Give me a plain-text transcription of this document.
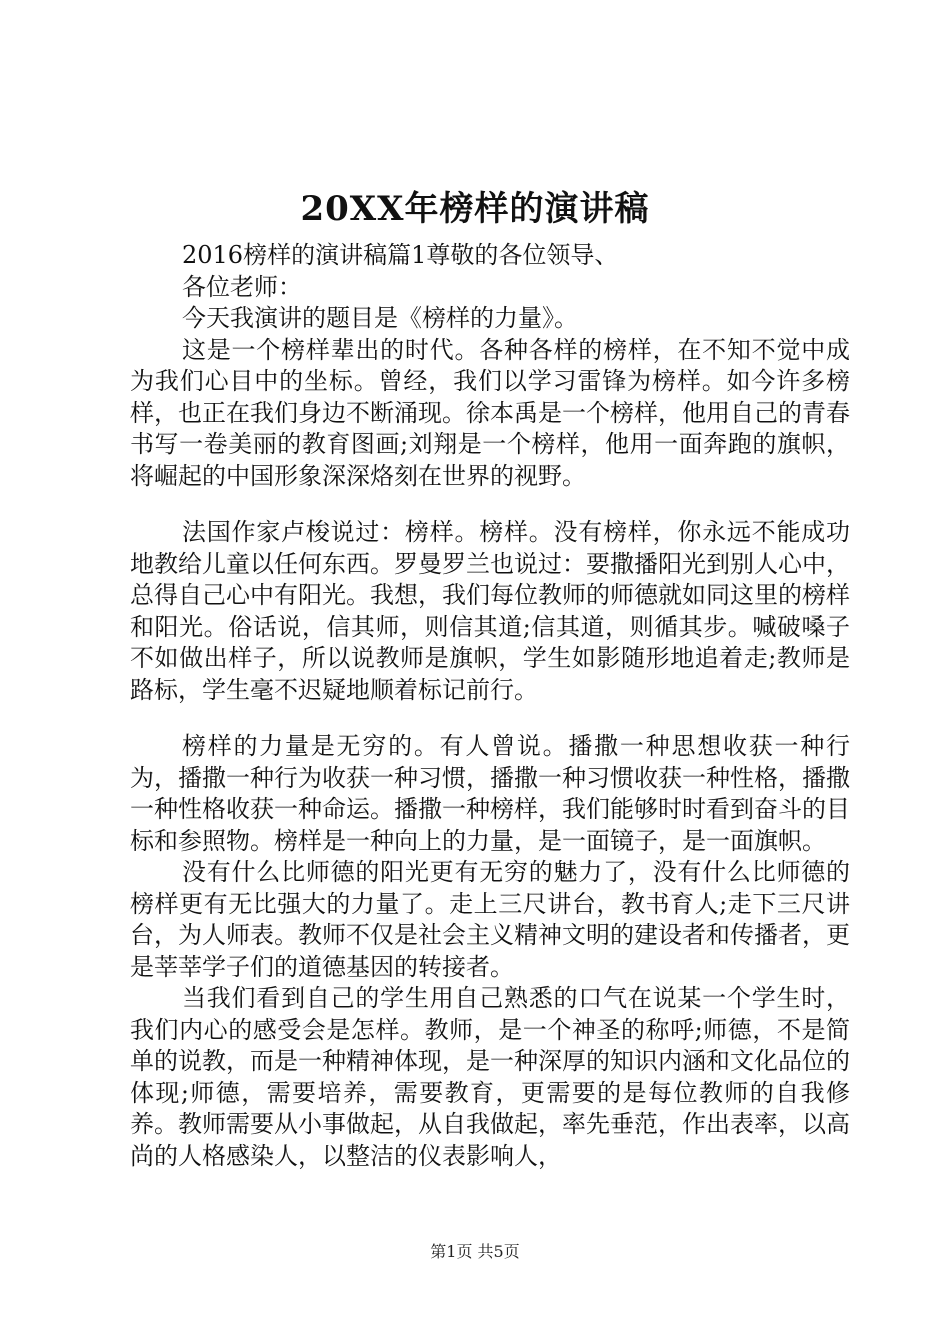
20XX年榜样的演讲稿

2016榜样的演讲稿篇1尊敬的各位领导、

各位老师：

今天我演讲的题目是《榜样的力量》。

这是一个榜样辈出的时代。各种各样的榜样，在不知不觉中成为我们心目中的坐标。曾经，我们以学习雷锋为榜样。如今许多榜样，也正在我们身边不断涌现。徐本禹是一个榜样，他用自己的青春书写一卷美丽的教育图画;刘翔是一个榜样，他用一面奔跑的旗帜，将崛起的中国形象深深烙刻在世界的视野。

法国作家卢梭说过：榜样。榜样。没有榜样，你永远不能成功地教给儿童以任何东西。罗曼罗兰也说过：要撒播阳光到别人心中，总得自己心中有阳光。我想，我们每位教师的师德就如同这里的榜样和阳光。俗话说，信其师，则信其道;信其道，则循其步。喊破嗓子不如做出样子，所以说教师是旗帜，学生如影随形地追着走;教师是路标，学生毫不迟疑地顺着标记前行。

榜样的力量是无穷的。有人曾说。播撒一种思想收获一种行为，播撒一种行为收获一种习惯，播撒一种习惯收获一种性格，播撒一种性格收获一种命运。播撒一种榜样，我们能够时时看到奋斗的目标和参照物。榜样是一种向上的力量，是一面镜子，是一面旗帜。

没有什么比师德的阳光更有无穷的魅力了，没有什么比师德的榜样更有无比强大的力量了。走上三尺讲台，教书育人;走下三尺讲台，为人师表。教师不仅是社会主义精神文明的建设者和传播者，更是莘莘学子们的道德基因的转接者。

当我们看到自己的学生用自己熟悉的口气在说某一个学生时，我们内心的感受会是怎样。教师，是一个神圣的称呼;师德，不是简单的说教，而是一种精神体现，是一种深厚的知识内涵和文化品位的体现;师德，需要培养，需要教育，更需要的是每位教师的自我修养。教师需要从小事做起，从自我做起，率先垂范，作出表率，以高尚的人格感染人，以整洁的仪表影响人，

第1页 共5页
